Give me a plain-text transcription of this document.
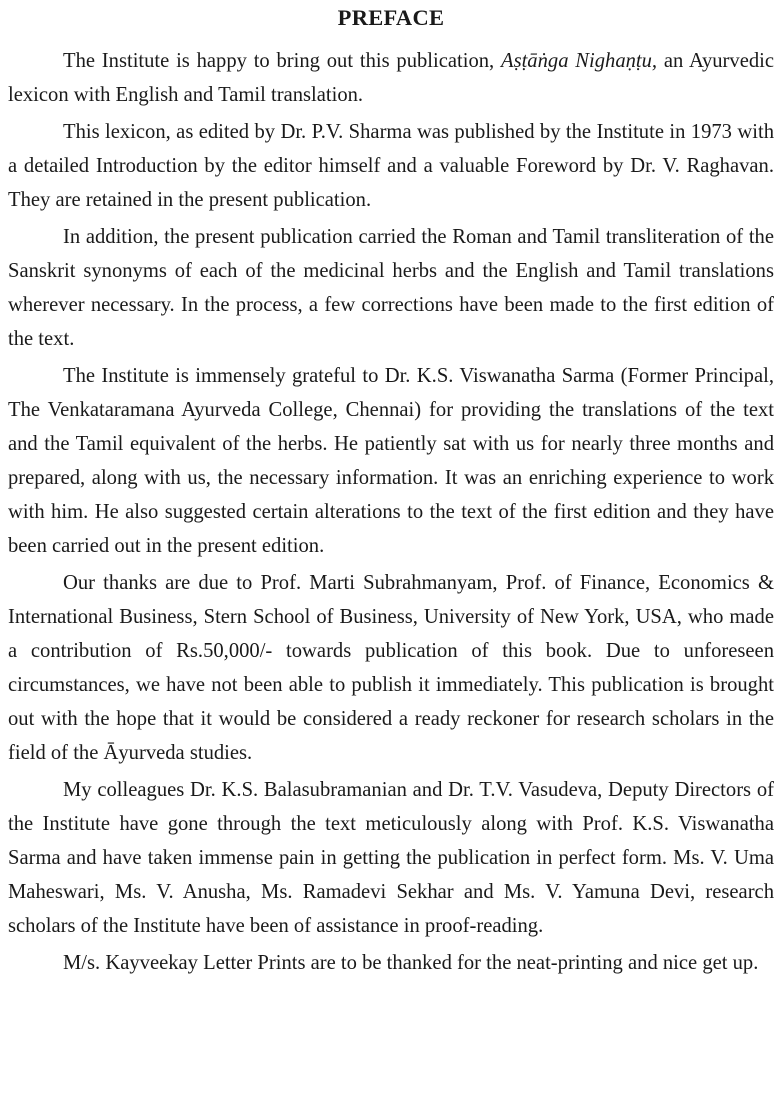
PREFACE

The Institute is happy to bring out this publication, Aṣṭāṅga Nighaṇṭu, an Ayurvedic lexicon with English and Tamil translation.

This lexicon, as edited by Dr. P.V. Sharma was published by the Institute in 1973 with a detailed Introduction by the editor himself and a valuable Foreword by Dr. V. Raghavan. They are retained in the present publication.

In addition, the present publication carried the Roman and Tamil transliteration of the Sanskrit synonyms of each of the medicinal herbs and the English and Tamil translations wherever necessary. In the process, a few corrections have been made to the first edition of the text.

The Institute is immensely grateful to Dr. K.S. Viswanatha Sarma (Former Principal, The Venkataramana Ayurveda College, Chennai) for providing the translations of the text and the Tamil equivalent of the herbs. He patiently sat with us for nearly three months and prepared, along with us, the necessary information. It was an enriching experience to work with him. He also suggested certain alterations to the text of the first edition and they have been carried out in the present edition.

Our thanks are due to Prof. Marti Subrahmanyam, Prof. of Finance, Economics & International Business, Stern School of Business, University of New York, USA, who made a contribution of Rs.50,000/- towards publication of this book. Due to unforeseen circumstances, we have not been able to publish it immediately. This publication is brought out with the hope that it would be considered a ready reckoner for research scholars in the field of the Āyurveda studies.

My colleagues Dr. K.S. Balasubramanian and Dr. T.V. Vasudeva, Deputy Directors of the Institute have gone through the text meticulously along with Prof. K.S. Viswanatha Sarma and have taken immense pain in getting the publication in perfect form. Ms. V. Uma Maheswari, Ms. V. Anusha, Ms. Ramadevi Sekhar and Ms. V. Yamuna Devi, research scholars of the Institute have been of assistance in proof-reading.

M/s. Kayveekay Letter Prints are to be thanked for the neat-printing and nice get up.
